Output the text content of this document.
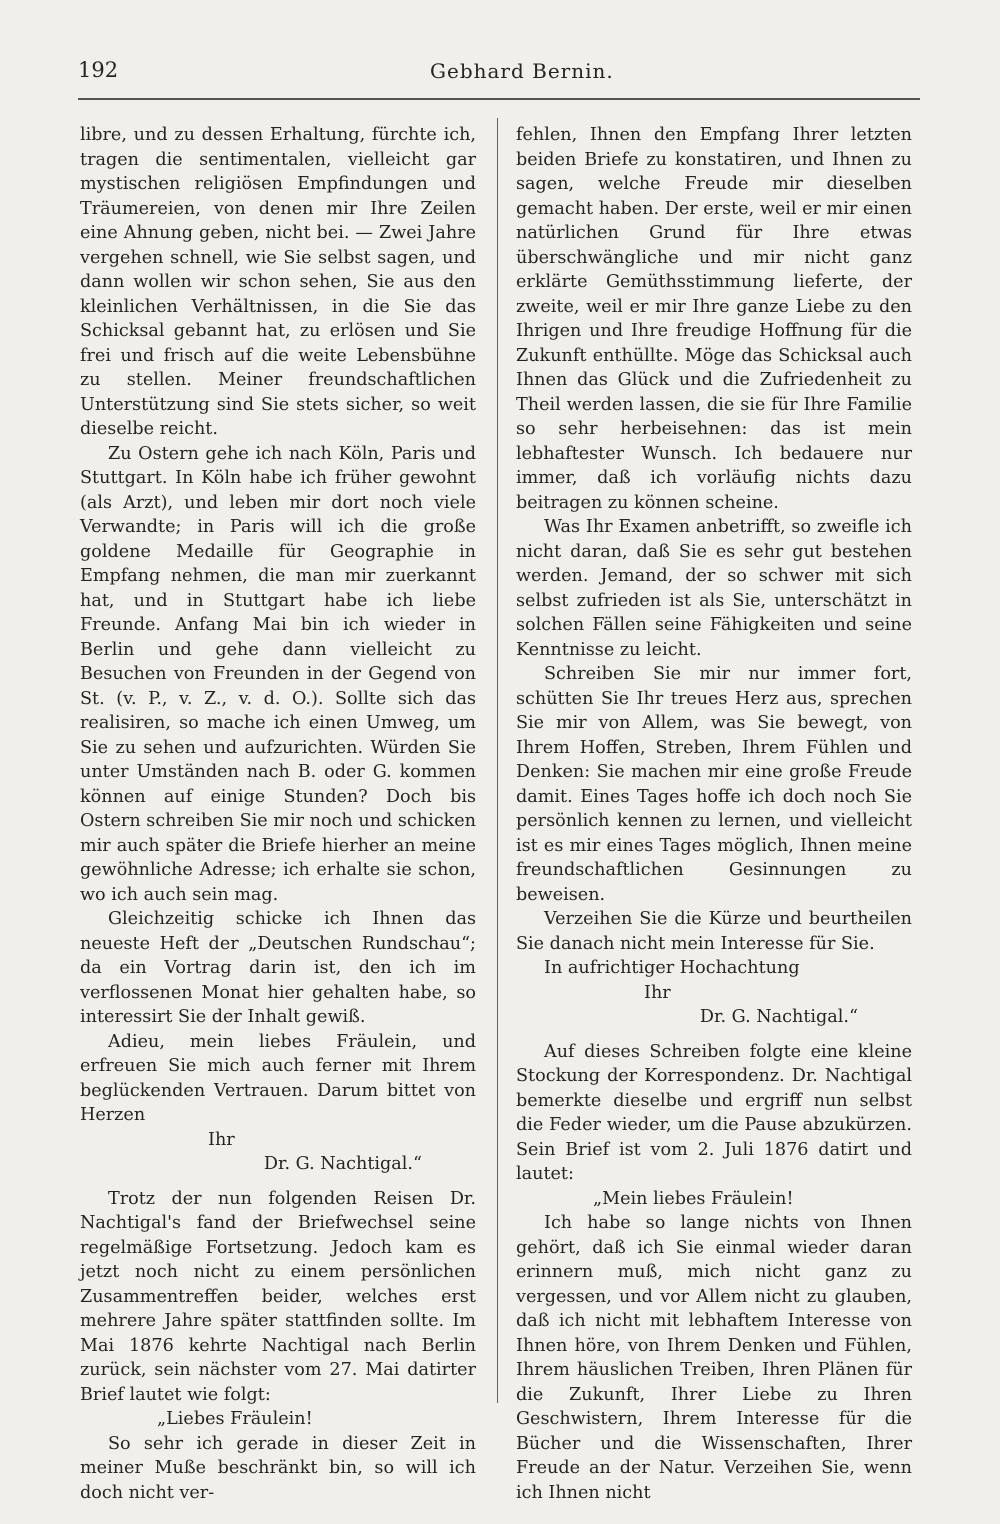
192	Gebhard Bernin.

libre, und zu dessen Erhaltung, fürchte ich, tragen die sentimentalen, vielleicht gar mystischen religiösen Empfindungen und Träumereien, von denen mir Ihre Zeilen eine Ahnung geben, nicht bei. — Zwei Jahre vergehen schnell, wie Sie selbst sagen, und dann wollen wir schon sehen, Sie aus den kleinlichen Verhältnissen, in die Sie das Schicksal gebannt hat, zu erlösen und Sie frei und frisch auf die weite Lebensbühne zu stellen. Meiner freundschaftlichen Unterstützung sind Sie stets sicher, so weit dieselbe reicht.

Zu Ostern gehe ich nach Köln, Paris und Stuttgart. In Köln habe ich früher gewohnt (als Arzt), und leben mir dort noch viele Verwandte; in Paris will ich die große goldene Medaille für Geographie in Empfang nehmen, die man mir zuerkannt hat, und in Stuttgart habe ich liebe Freunde. Anfang Mai bin ich wieder in Berlin und gehe dann vielleicht zu Besuchen von Freunden in der Gegend von St. (v. P., v. Z., v. d. O.). Sollte sich das realisiren, so mache ich einen Umweg, um Sie zu sehen und aufzurichten. Würden Sie unter Umständen nach B. oder G. kommen können auf einige Stunden? Doch bis Ostern schreiben Sie mir noch und schicken mir auch später die Briefe hierher an meine gewöhnliche Adresse; ich erhalte sie schon, wo ich auch sein mag.

Gleichzeitig schicke ich Ihnen das neueste Heft der „Deutschen Rundschau“; da ein Vortrag darin ist, den ich im verflossenen Monat hier gehalten habe, so interessirt Sie der Inhalt gewiß.

Adieu, mein liebes Fräulein, und erfreuen Sie mich auch ferner mit Ihrem beglückenden Vertrauen. Darum bittet von Herzen

Ihr

Dr. G. Nachtigal.“

Trotz der nun folgenden Reisen Dr. Nachtigal's fand der Briefwechsel seine regelmäßige Fortsetzung. Jedoch kam es jetzt noch nicht zu einem persönlichen Zusammentreffen beider, welches erst mehrere Jahre später stattfinden sollte. Im Mai 1876 kehrte Nachtigal nach Berlin zurück, sein nächster vom 27. Mai datirter Brief lautet wie folgt:

„Liebes Fräulein!

So sehr ich gerade in dieser Zeit in meiner Muße beschränkt bin, so will ich doch nicht ver-

fehlen, Ihnen den Empfang Ihrer letzten beiden Briefe zu konstatiren, und Ihnen zu sagen, welche Freude mir dieselben gemacht haben. Der erste, weil er mir einen natürlichen Grund für Ihre etwas überschwängliche und mir nicht ganz erklärte Gemüthsstimmung lieferte, der zweite, weil er mir Ihre ganze Liebe zu den Ihrigen und Ihre freudige Hoffnung für die Zukunft enthüllte. Möge das Schicksal auch Ihnen das Glück und die Zufriedenheit zu Theil werden lassen, die sie für Ihre Familie so sehr herbeisehnen: das ist mein lebhaftester Wunsch. Ich bedauere nur immer, daß ich vorläufig nichts dazu beitragen zu können scheine.

Was Ihr Examen anbetrifft, so zweifle ich nicht daran, daß Sie es sehr gut bestehen werden. Jemand, der so schwer mit sich selbst zufrieden ist als Sie, unterschätzt in solchen Fällen seine Fähigkeiten und seine Kenntnisse zu leicht.

Schreiben Sie mir nur immer fort, schütten Sie Ihr treues Herz aus, sprechen Sie mir von Allem, was Sie bewegt, von Ihrem Hoffen, Streben, Ihrem Fühlen und Denken: Sie machen mir eine große Freude damit. Eines Tages hoffe ich doch noch Sie persönlich kennen zu lernen, und vielleicht ist es mir eines Tages möglich, Ihnen meine freundschaftlichen Gesinnungen zu beweisen.

Verzeihen Sie die Kürze und beurtheilen Sie danach nicht mein Interesse für Sie.

In aufrichtiger Hochachtung

Ihr

Dr. G. Nachtigal.“

Auf dieses Schreiben folgte eine kleine Stockung der Korrespondenz. Dr. Nachtigal bemerkte dieselbe und ergriff nun selbst die Feder wieder, um die Pause abzukürzen. Sein Brief ist vom 2. Juli 1876 datirt und lautet:

„Mein liebes Fräulein!

Ich habe so lange nichts von Ihnen gehört, daß ich Sie einmal wieder daran erinnern muß, mich nicht ganz zu vergessen, und vor Allem nicht zu glauben, daß ich nicht mit lebhaftem Interesse von Ihnen höre, von Ihrem Denken und Fühlen, Ihrem häuslichen Treiben, Ihren Plänen für die Zukunft, Ihrer Liebe zu Ihren Geschwistern, Ihrem Interesse für die Bücher und die Wissenschaften, Ihrer Freude an der Natur. Verzeihen Sie, wenn ich Ihnen nicht
